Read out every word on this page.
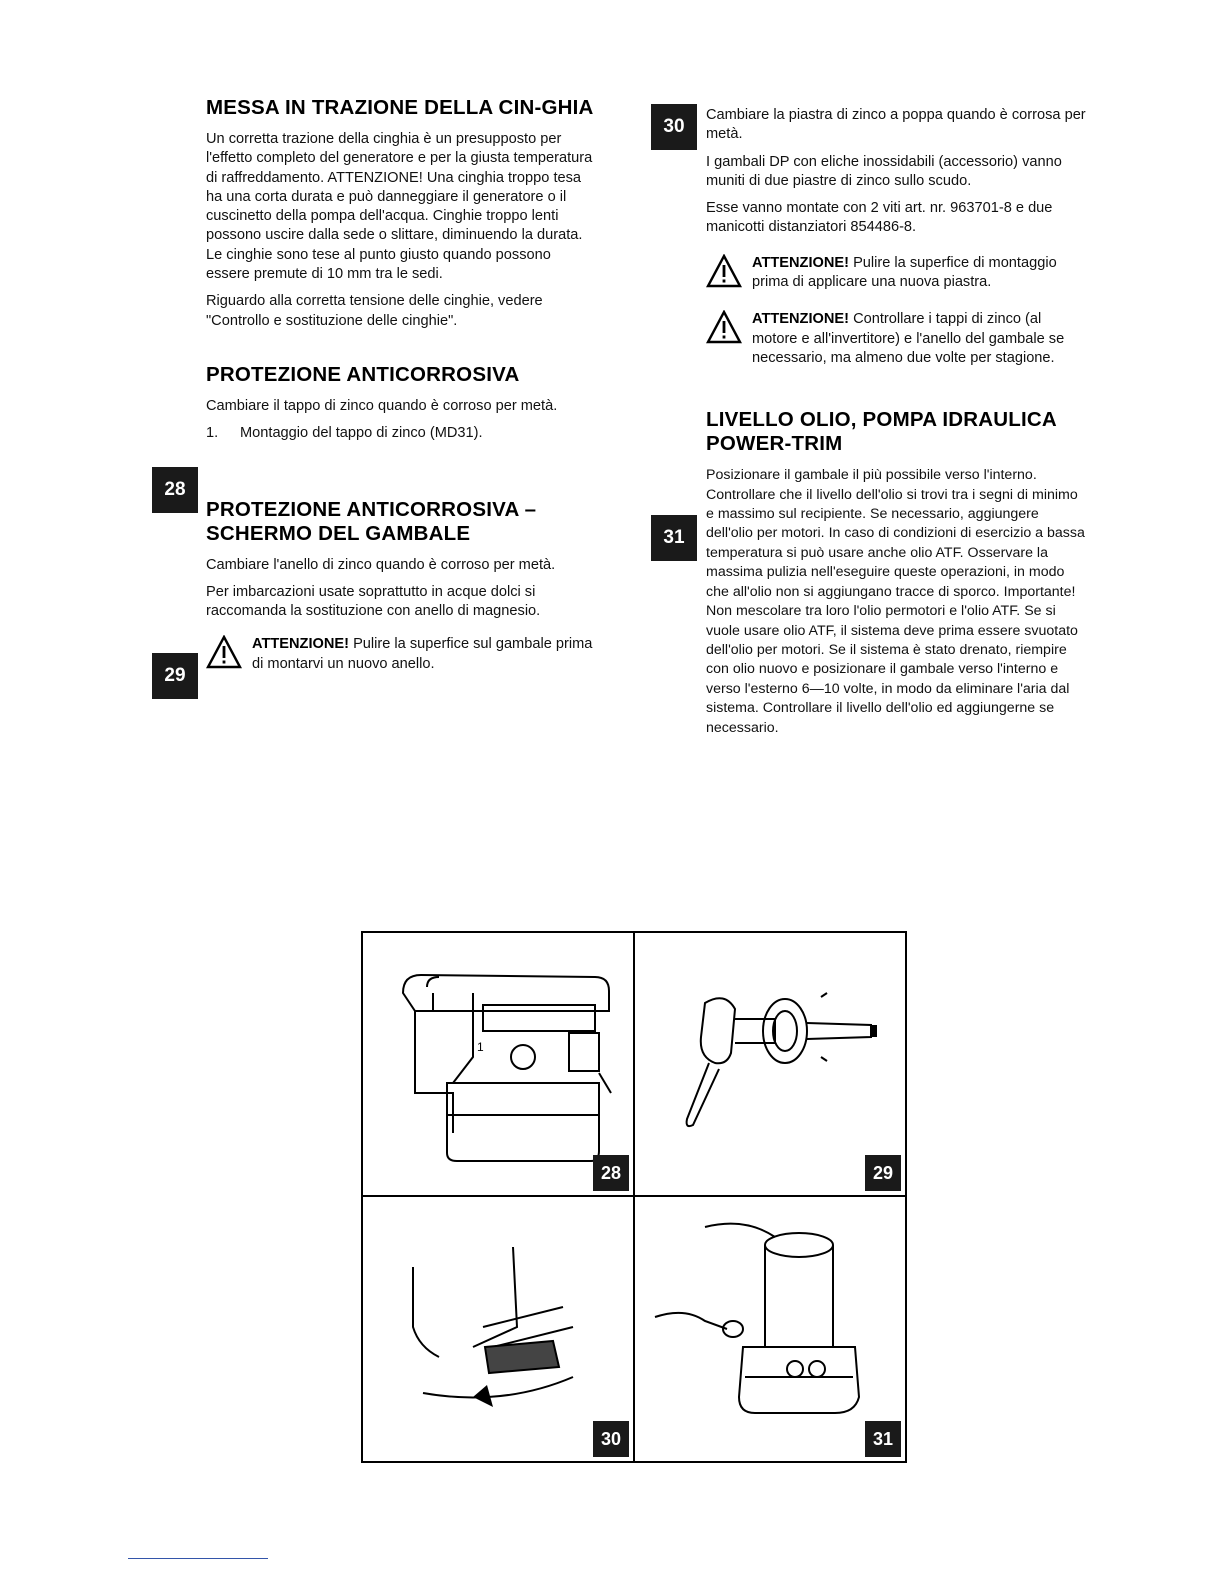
28
29
30
31
MESSA IN TRAZIONE DELLA CIN-GHIA

Un corretta trazione della cinghia è un presupposto per l'effetto completo del generatore e per la giusta temperatura di raffreddamento. ATTENZIONE! Una cinghia troppo tesa ha una corta durata e può danneggiare il generatore o il cuscinetto della pompa dell'acqua. Cinghie troppo lenti possono uscire dalla sede o slittare, diminuendo la durata. Le cinghie sono tese al punto giusto quando possono essere premute di 10 mm tra le sedi.

Riguardo alla corretta tensione delle cinghie, vedere "Controllo e sostituzione delle cinghie".

PROTEZIONE ANTICORROSIVA

Cambiare il tappo di zinco quando è corroso per metà.

1. Montaggio del tappo di zinco (MD31).
PROTEZIONE ANTICORROSIVA – SCHERMO DEL GAMBALE

Cambiare l'anello di zinco quando è corroso per metà.

Per imbarcazioni usate soprattutto in acque dolci si raccomanda la sostituzione con anello di magnesio.

ATTENZIONE! Pulire la superfice sul gambale prima di montarvi un nuovo anello.

Cambiare la piastra di zinco a poppa quando è corrosa per metà.

I gambali DP con eliche inossidabili (accessorio) vanno muniti di due piastre di zinco sullo scudo.

Esse vanno montate con 2 viti art. nr. 963701-8 e due manicotti distanziatori 854486-8.

ATTENZIONE! Pulire la superfice di montaggio prima di applicare una nuova piastra.

ATTENZIONE! Controllare i tappi di zinco (al motore e all'invertitore) e l'anello del gambale se necessario, ma almeno due volte per stagione.

LIVELLO OLIO, POMPA IDRAULICA POWER-TRIM

Posizionare il gambale il più possibile verso l'interno. Controllare che il livello dell'olio si trovi tra i segni di minimo e massimo sul recipiente. Se necessario, aggiungere dell'olio per motori. In caso di condizioni di esercizio a bassa temperatura si può usare anche olio ATF. Osservare la massima pulizia nell'eseguire queste operazioni, in modo che all'olio non si aggiungano tracce di sporco. Importante! Non mescolare tra loro l'olio permotori e l'olio ATF. Se si vuole usare olio ATF, il sistema deve prima essere svuotato dell'olio per motori. Se il sistema è stato drenato, riempire con olio nuovo e posizionare il gambale verso l'interno e verso l'esterno 6—10 volte, in modo da eliminare l'aria dal sistema. Controllare il livello dell'olio ed aggiungerne se necessario.

1
28	29
30	31
